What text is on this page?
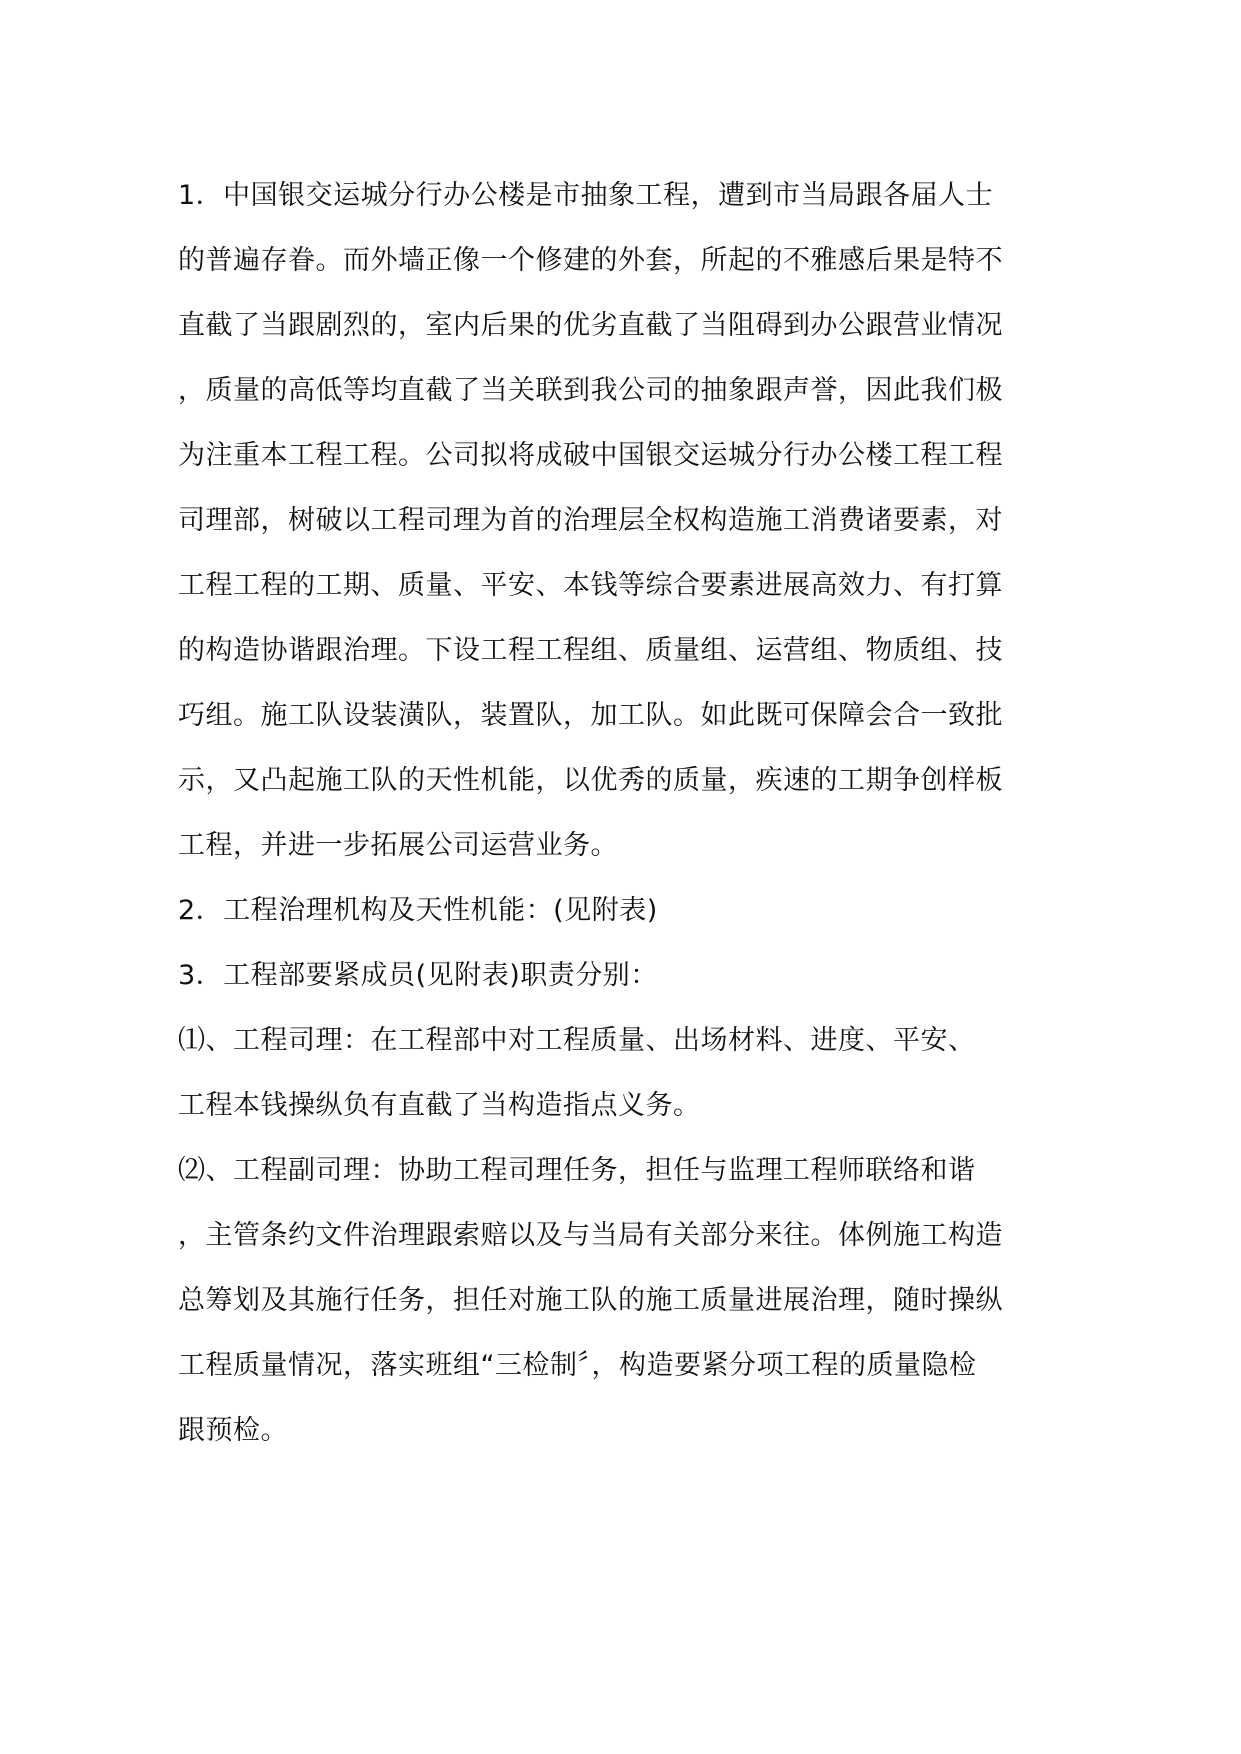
1．中国银交运城分行办公楼是市抽象工程，遭到市当局跟各届人士
的普遍存眷。而外墙正像一个修建的外套，所起的不雅感后果是特不
直截了当跟剧烈的，室内后果的优劣直截了当阻碍到办公跟营业情况
，质量的高低等均直截了当关联到我公司的抽象跟声誉，因此我们极
为注重本工程工程。公司拟将成破中国银交运城分行办公楼工程工程
司理部，树破以工程司理为首的治理层全权构造施工消费诸要素，对
工程工程的工期、质量、平安、本钱等综合要素进展高效力、有打算
的构造协谐跟治理。下设工程工程组、质量组、运营组、物质组、技
巧组。施工队设装潢队，装置队，加工队。如此既可保障会合一致批
示，又凸起施工队的天性机能，以优秀的质量，疾速的工期争创样板
工程，并进一步拓展公司运营业务。
2．工程治理机构及天性机能：(见附表)
3．工程部要紧成员(见附表)职责分别：
⑴、工程司理：在工程部中对工程质量、出场材料、进度、平安、
工程本钱操纵负有直截了当构造指点义务。
⑵、工程副司理：协助工程司理任务，担任与监理工程师联络和谐
，主管条约文件治理跟索赔以及与当局有关部分来往。体例施工构造
总筹划及其施行任务，担任对施工队的施工质量进展治理，随时操纵
工程质量情况，落实班组“三检制〞，构造要紧分项工程的质量隐检
跟预检。
